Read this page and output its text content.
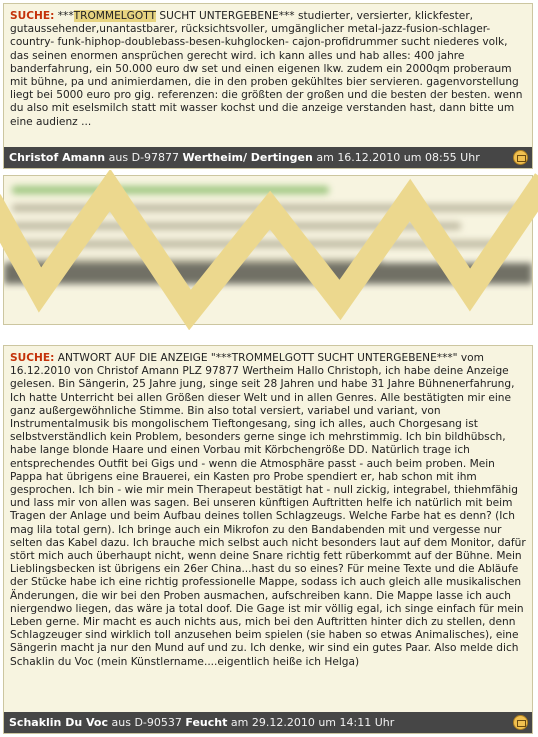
SUCHE: ***TROMMELGOTT SUCHT UNTERGEBENE*** studierter, versierter, klickfester, gutaussehender,unantastbarer, rücksichtsvoller, umgänglicher metal-jazz-fusion-schlager-country- funk-hiphop-doublebass-besen-kuhglocken- cajon-profidrummer sucht niederes volk, das seinen enormen ansprüchen gerecht wird. ich kann alles und hab alles: 400 jahre banderfahrung, ein 50.000 euro dw set und einen eigenen lkw. zudem ein 2000qm proberaum mit bühne, pa und animierdamen, die in den proben gekühltes bier servieren. gagenvorstellung liegt bei 5000 euro pro gig. referenzen: die größten der großen und die besten der besten. wenn du also mit eselsmilch statt mit wasser kochst und die anzeige verstanden hast, dann bitte um eine audienz ...
Christof Amann aus D-97877 Wertheim/ Dertingen am 16.12.2010 um 08:55 Uhr
SUCHE: ANTWORT AUF DIE ANZEIGE "***TROMMELGOTT SUCHT UNTERGEBENE***" vom 16.12.2010 von Christof Amann PLZ 97877 Wertheim Hallo Christoph, ich habe deine Anzeige gelesen. Bin Sängerin, 25 Jahre jung, singe seit 28 Jahren und habe 31 Jahre Bühnenerfahrung, Ich hatte Unterricht bei allen Größen dieser Welt und in allen Genres. Alle bestätigten mir eine ganz außergewöhnliche Stimme. Bin also total versiert, variabel und variant, von Instrumentalmusik bis mongolischem Tieftongesang, sing ich alles, auch Chorgesang ist selbstverständlich kein Problem, besonders gerne singe ich mehrstimmig. Ich bin bildhübsch, habe lange blonde Haare und einen Vorbau mit Körbchengröße DD. Natürlich trage ich entsprechendes Outfit bei Gigs und - wenn die Atmosphäre passt - auch beim proben. Mein Pappa hat übrigens eine Brauerei, ein Kasten pro Probe spendiert er, hab schon mit ihm gesprochen. Ich bin - wie mir mein Therapeut bestätigt hat - null zickig, integrabel, thiehmfähig und lass mir von allen was sagen. Bei unseren künftigen Auftritten helfe ich natürlich mit beim Tragen der Anlage und beim Aufbau deines tollen Schlagzeugs. Welche Farbe hat es denn? (Ich mag lila total gern). Ich bringe auch ein Mikrofon zu den Bandabenden mit und vergesse nur selten das Kabel dazu. Ich brauche mich selbst auch nicht besonders laut auf dem Monitor, dafür stört mich auch überhaupt nicht, wenn deine Snare richtig fett rüberkommt auf der Bühne. Mein Lieblingsbecken ist übrigens ein 26er China...hast du so eines? Für meine Texte und die Abläufe der Stücke habe ich eine richtig professionelle Mappe, sodass ich auch gleich alle musikalischen Änderungen, die wir bei den Proben ausmachen, aufschreiben kann. Die Mappe lasse ich auch niergendwo liegen, das wäre ja total doof. Die Gage ist mir völlig egal, ich singe einfach für mein Leben gerne. Mir macht es auch nichts aus, mich bei den Auftritten hinter dich zu stellen, denn Schlagzeuger sind wirklich toll anzusehen beim spielen (sie haben so etwas Animalisches), eine Sängerin macht ja nur den Mund auf und zu. Ich denke, wir sind ein gutes Paar. Also melde dich Schaklin du Voc (mein Künstlername....eigentlich heiße ich Helga)
Schaklin Du Voc aus D-90537 Feucht am 29.12.2010 um 14:11 Uhr
